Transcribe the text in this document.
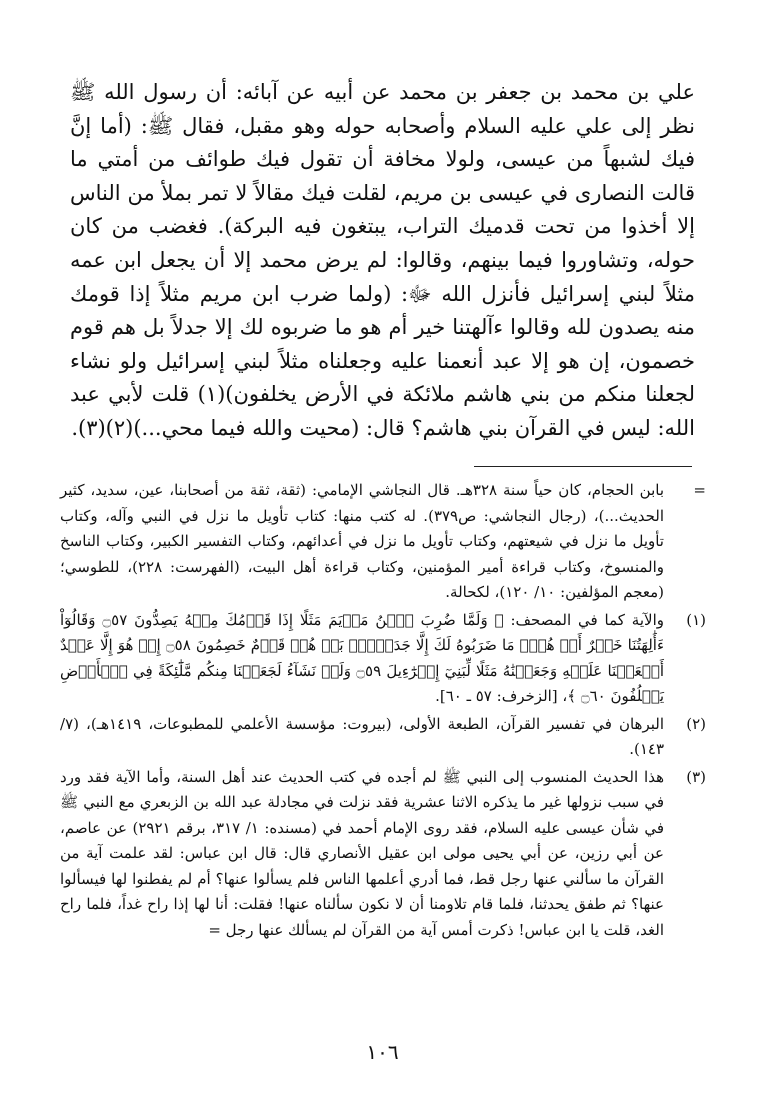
علي بن محمد بن جعفر بن محمد عن أبيه عن آبائه: أن رسول الله ﷺ نظر إلى علي عليه السلام وأصحابه حوله وهو مقبل، فقال ﷺ: (أما إنَّ فيك لشبهاً من عيسى، ولولا مخافة أن تقول فيك طوائف من أمتي ما قالت النصارى في عيسى بن مريم، لقلت فيك مقالاً لا تمر بملأ من الناس إلا أخذوا من تحت قدميك التراب، يبتغون فيه البركة). فغضب من كان حوله، وتشاوروا فيما بينهم، وقالوا: لم يرض محمد إلا أن يجعل ابن عمه مثلاً لبني إسرائيل فأنزل الله ﷻ: (ولما ضرب ابن مريم مثلاً إذا قومك منه يصدون لله وقالوا ءآلهتنا خير أم هو ما ضربوه لك إلا جدلاً بل هم قوم خصمون، إن هو إلا عبد أنعمنا عليه وجعلناه مثلاً لبني إسرائيل ولو نشاء لجعلنا منكم من بني هاشم ملائكة في الأرض يخلفون)(١) قلت لأبي عبد الله: ليس في القرآن بني هاشم؟ قال: (محيت والله فيما محي...)(٢)(٣).

=

بابن الحجام، كان حياً سنة ٣٢٨هـ. قال النجاشي الإمامي: (ثقة، ثقة من أصحابنا، عين، سديد، كثير الحديث...)، (رجال النجاشي: ص٣٧٩). له كتب منها: كتاب تأويل ما نزل في النبي وآله، وكتاب تأويل ما نزل في شيعتهم، وكتاب تأويل ما نزل في أعدائهم، وكتاب التفسير الكبير، وكتاب الناسخ والمنسوخ، وكتاب قراءة أمير المؤمنين، وكتاب قراءة أهل البيت، (الفهرست: ٢٢٨)، للطوسي؛ (معجم المؤلفين: ١٠/ ١٢٠)، لكحالة.

(١)

والآية كما في المصحف: ﴿ وَلَمَّا ضُرِبَ ٱبۡنُ مَرۡيَمَ مَثَلًا إِذَا قَوۡمُكَ مِنۡهُ يَصِدُّونَ ۝٥٧ وَقَالُوٓاْ ءَأَٰلِهَتُنَا خَيۡرٌ أَمۡ هُوَۚ مَا ضَرَبُوهُ لَكَ إِلَّا جَدَلَۢاۚ بَلۡ هُمۡ قَوۡمٌ خَصِمُونَ ۝٥٨ إِنۡ هُوَ إِلَّا عَبۡدٌ أَنۡعَمۡنَا عَلَيۡهِ وَجَعَلۡنَٰهُ مَثَلًا لِّبَنِيٓ إِسۡرَٰٓءِيلَ ۝٥٩ وَلَوۡ نَشَآءُ لَجَعَلۡنَا مِنكُم مَّلَٰٓئِكَةً فِي ٱلۡأَرۡضِ يَخۡلُفُونَ ۝٦٠ ﴾، [الزخرف: ٥٧ ـ ٦٠].

(٢)

البرهان في تفسير القرآن، الطبعة الأولى، (بيروت: مؤسسة الأعلمي للمطبوعات، ١٤١٩هـ)، (٧/ ١٤٣).

(٣)

هذا الحديث المنسوب إلى النبي ﷺ لم أجده في كتب الحديث عند أهل السنة، وأما الآية فقد ورد في سبب نزولها غير ما يذكره الاثنا عشرية فقد نزلت في مجادلة عبد الله بن الزبعري مع النبي ﷺ في شأن عيسى عليه السلام، فقد روى الإمام أحمد في (مسنده: ١/ ٣١٧، برقم ٢٩٢١) عن عاصم، عن أبي رزين، عن أبي يحيى مولى ابن عقيل الأنصاري قال: قال ابن عباس: لقد علمت آية من القرآن ما سألني عنها رجل قط، فما أدري أعلمها الناس فلم يسألوا عنها؟ أم لم يفطنوا لها فيسألوا عنها؟ ثم طفق يحدثنا، فلما قام تلاومنا أن لا نكون سألناه عنها! فقلت: أنا لها إذا راح غداً، فلما راح الغد، قلت يا ابن عباس! ذكرت أمس آية من القرآن لم يسألك عنها رجل =

١٠٦
